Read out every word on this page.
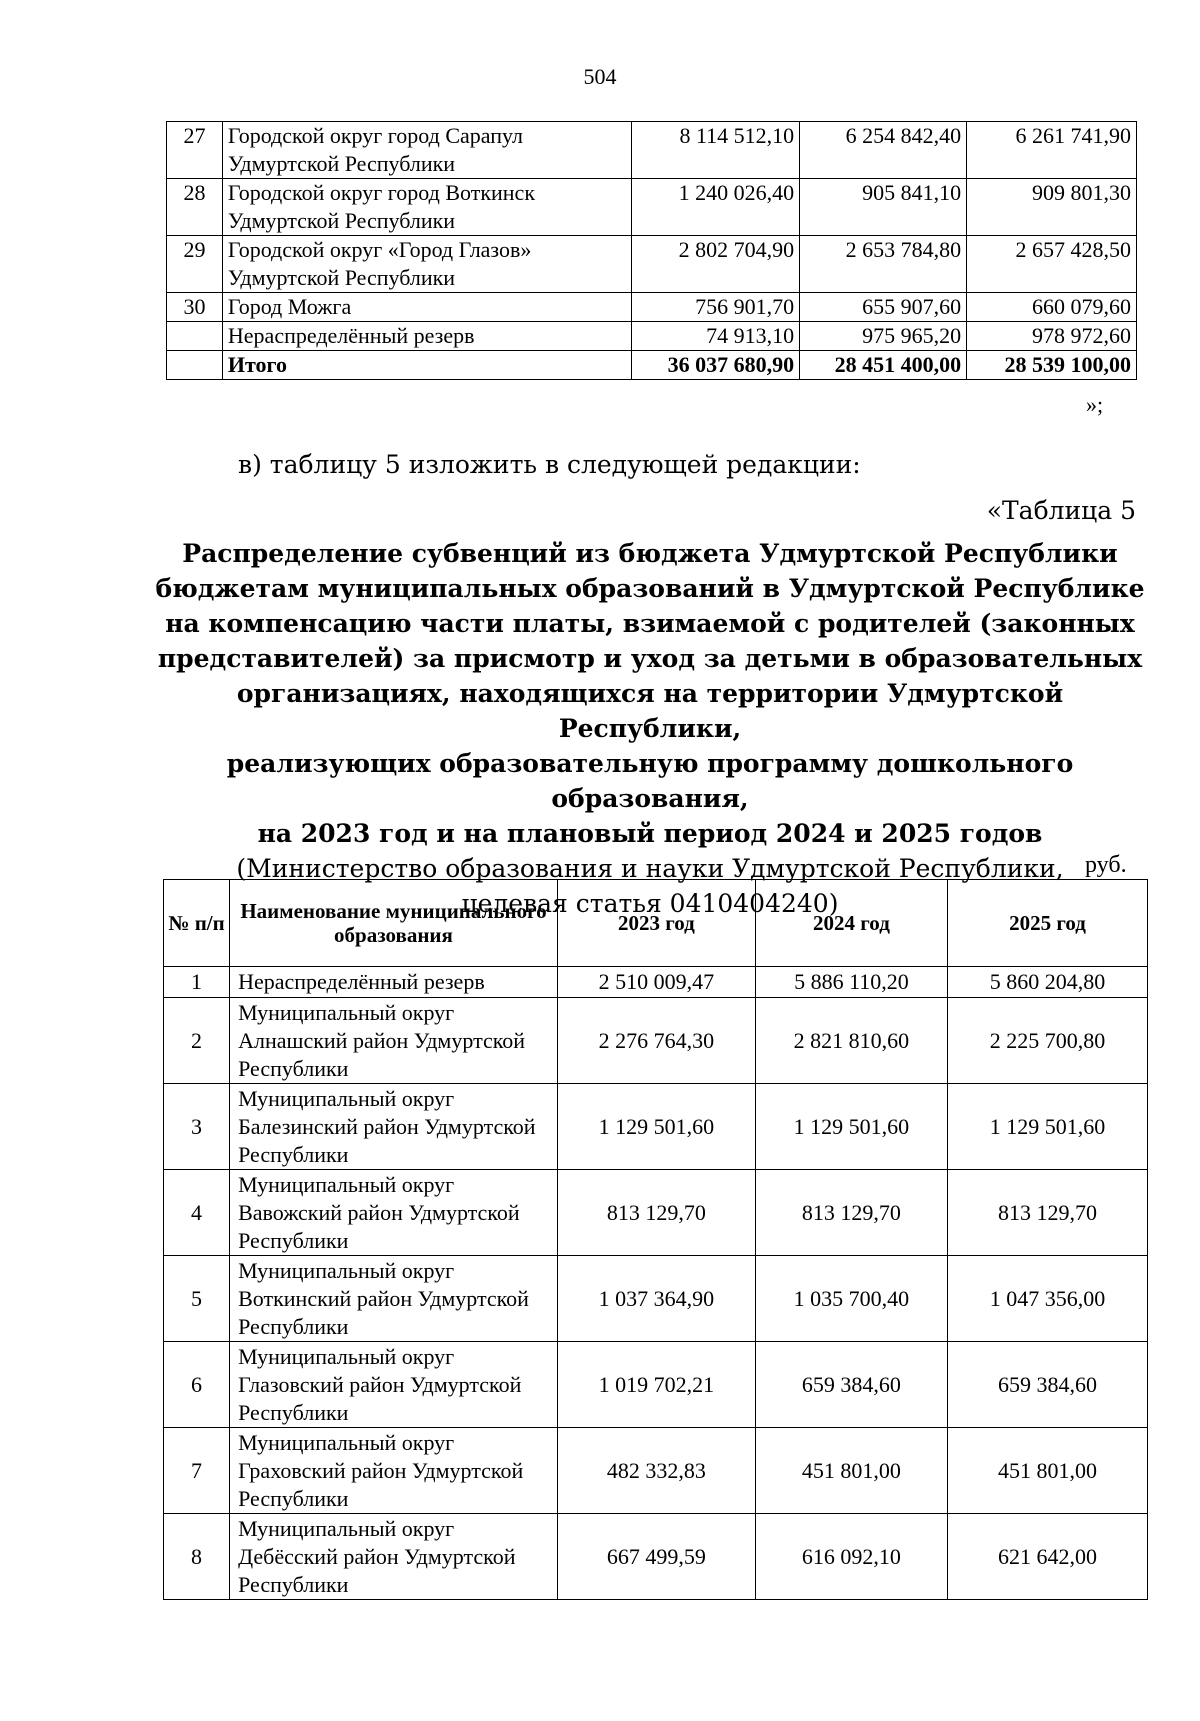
504
27	Городской округ город Сарапул Удмуртской Республики	8 114 512,10	6 254 842,40	6 261 741,90
28	Городской округ город Воткинск Удмуртской Республики	1 240 026,40	905 841,10	909 801,30
29	Городской округ «Город Глазов» Удмуртской Республики	2 802 704,90	2 653 784,80	2 657 428,50
30	Город Можга	756 901,70	655 907,60	660 079,60
	Нераспределённый резерв	74 913,10	975 965,20	978 972,60
	Итого	36 037 680,90	28 451 400,00	28 539 100,00
»;
в) таблицу 5 изложить в следующей редакции:
«Таблица 5
Распределение субвенций из бюджета Удмуртской Республики
бюджетам муниципальных образований в Удмуртской Республике
на компенсацию части платы, взимаемой с родителей (законных
представителей) за присмотр и уход за детьми в образовательных
организациях, находящихся на территории Удмуртской Республики,
реализующих образовательную программу дошкольного образования,
на 2023 год и на плановый период 2024 и 2025 годов
(Министерство образования и науки Удмуртской Республики,
целевая статья 0410404240)
руб.
№ п/п	Наименование муниципального образования	2023 год	2024 год	2025 год
1	Нераспределённый резерв	2 510 009,47	5 886 110,20	5 860 204,80
2	Муниципальный округ Алнашский район Удмуртской Республики	2 276 764,30	2 821 810,60	2 225 700,80
3	Муниципальный округ Балезинский район Удмуртской Республики	1 129 501,60	1 129 501,60	1 129 501,60
4	Муниципальный округ Вавожский район Удмуртской Республики	813 129,70	813 129,70	813 129,70
5	Муниципальный округ Воткинский район Удмуртской Республики	1 037 364,90	1 035 700,40	1 047 356,00
6	Муниципальный округ Глазовский район Удмуртской Республики	1 019 702,21	659 384,60	659 384,60
7	Муниципальный округ Граховский район Удмуртской Республики	482 332,83	451 801,00	451 801,00
8	Муниципальный округ Дебёсский район Удмуртской Республики	667 499,59	616 092,10	621 642,00
